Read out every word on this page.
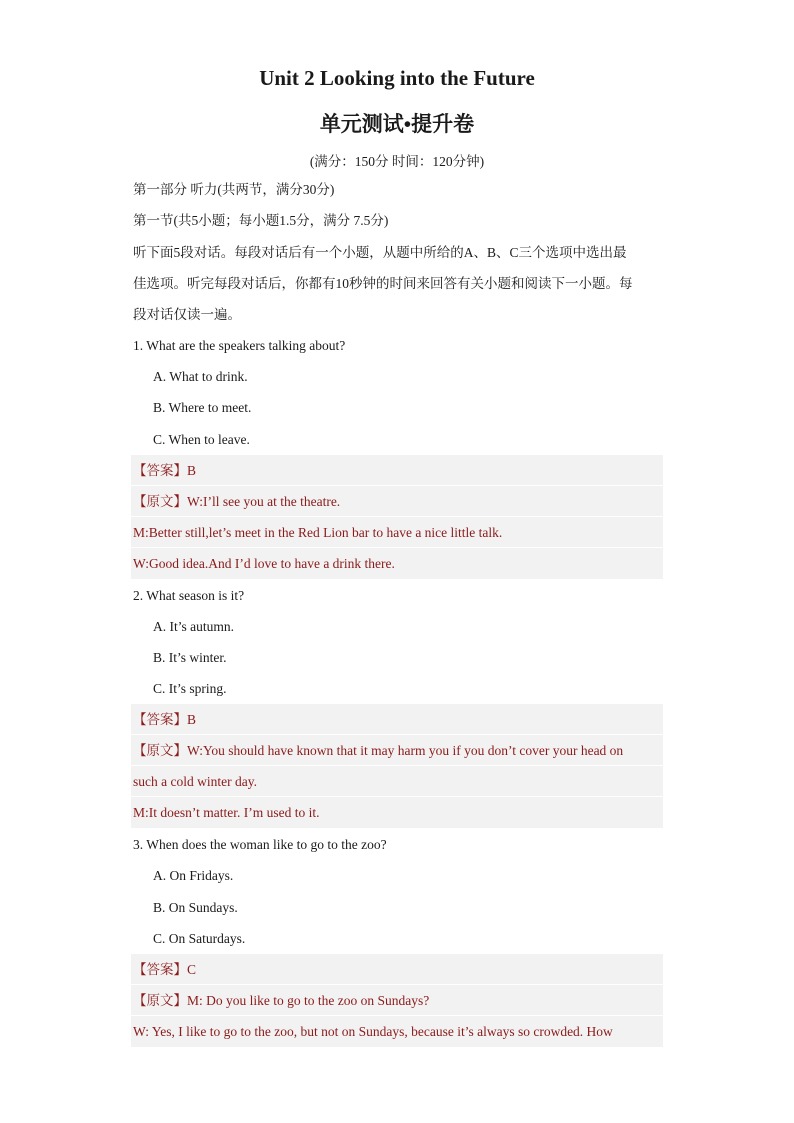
Unit 2 Looking into the Future
单元测试•提升卷
(满分：150分 时间：120分钟)
第一部分 听力(共两节，满分30分)
第一节(共5小题；每小题1.5分，满分 7.5分)
听下面5段对话。每段对话后有一个小题，从题中所给的A、B、C三个选项中选出最
佳选项。听完每段对话后，你都有10秒钟的时间来回答有关小题和阅读下一小题。每
段对话仅读一遍。
1. What are the speakers talking about?
A. What to drink.
B. Where to meet.
C. When to leave.
【答案】B
【原文】W:I’ll see you at the theatre.
M:Better still,let’s meet in the Red Lion bar to have a nice little talk.
W:Good idea.And I’d love to have a drink there.
2. What season is it?
A. It’s autumn.
B. It’s winter.
C. It’s spring.
【答案】B
【原文】W:You should have known that it may harm you if you don’t cover your head on
such a cold winter day.
M:It doesn’t matter. I’m used to it.
3. When does the woman like to go to the zoo?
A. On Fridays.
B. On Sundays.
C. On Saturdays.
【答案】C
【原文】M: Do you like to go to the zoo on Sundays?
W: Yes, I like to go to the zoo, but not on Sundays, because it’s always so crowded. How
